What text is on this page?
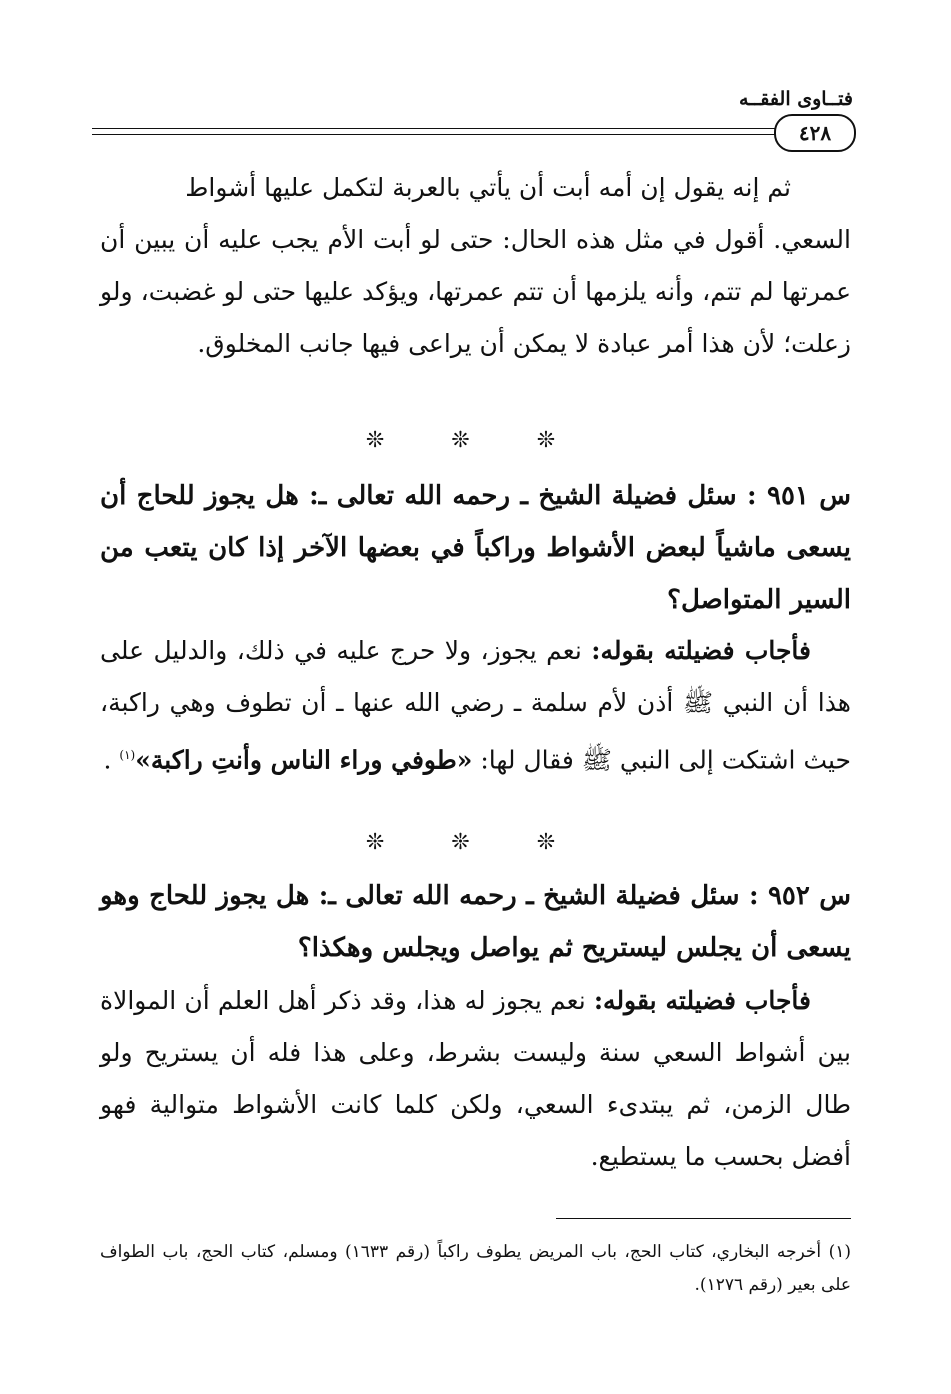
فتــاوى الفقــه
٤٢٨
ثم إنه يقول إن أمه أبت أن يأتي بالعربة لتكمل عليها أشواط
السعي. أقول في مثل هذه الحال: حتى لو أبت الأم يجب عليه أن يبين أن عمرتها لم تتم، وأنه يلزمها أن تتم عمرتها، ويؤكد عليها حتى لو غضبت، ولو زعلت؛ لأن هذا أمر عبادة لا يمكن أن يراعى فيها جانب المخلوق.
❊ ❊ ❊
س ٩٥١ : سئل فضيلة الشيخ ـ رحمه الله تعالى ـ: هل يجوز للحاج أن يسعى ماشياً لبعض الأشواط وراكباً في بعضها الآخر إذا كان يتعب من السير المتواصل؟
فأجاب فضيلته بقوله: نعم يجوز، ولا حرج عليه في ذلك، والدليل على هذا أن النبي ﷺ أذن لأم سلمة ـ رضي الله عنها ـ أن تطوف وهي راكبة، حيث اشتكت إلى النبي ﷺ فقال لها: «طوفي وراء الناس وأنتِ راكبة»$^{(١)}$ .
❊ ❊ ❊
س ٩٥٢ : سئل فضيلة الشيخ ـ رحمه الله تعالى ـ: هل يجوز للحاج وهو يسعى أن يجلس ليستريح ثم يواصل ويجلس وهكذا؟
فأجاب فضيلته بقوله: نعم يجوز له هذا، وقد ذكر أهل العلم أن الموالاة بين أشواط السعي سنة وليست بشرط، وعلى هذا فله أن يستريح ولو طال الزمن، ثم يبتدىء السعي، ولكن كلما كانت الأشواط متوالية فهو أفضل بحسب ما يستطيع.
(١) أخرجه البخاري، كتاب الحج، باب المريض يطوف راكباً (رقم ١٦٣٣) ومسلم، كتاب الحج، باب الطواف على بعير (رقم ١٢٧٦).
